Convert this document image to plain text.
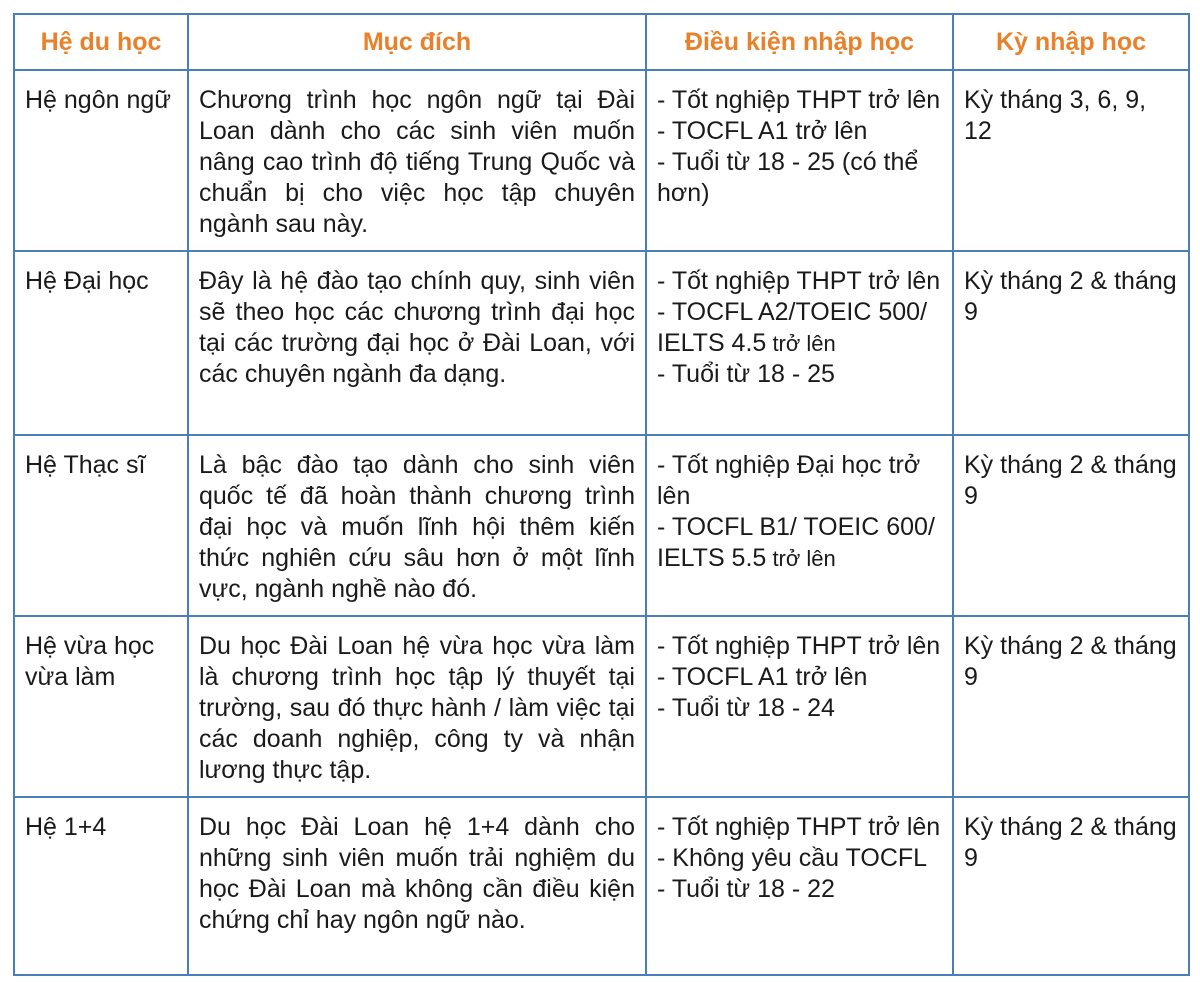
Hệ du học	Mục đích	Điều kiện nhập học	Kỳ nhập học
Hệ ngôn ngữ	Chương trình học ngôn ngữ tại Đài Loan dành cho các sinh viên muốn nâng cao trình độ tiếng Trung Quốc và chuẩn bị cho việc học tập chuyên ngành sau này.	- Tốt nghiệp THPT trở lên
- TOCFL A1 trở lên
- Tuổi từ 18 - 25 (có thể hơn)	Kỳ tháng 3, 6, 9, 12
Hệ Đại học	Đây là hệ đào tạo chính quy, sinh viên sẽ theo học các chương trình đại học tại các trường đại học ở Đài Loan, với các chuyên ngành đa dạng.	- Tốt nghiệp THPT trở lên
- TOCFL A2/TOEIC 500/ IELTS 4.5 trở lên
- Tuổi từ 18 - 25	Kỳ tháng 2 & tháng 9
Hệ Thạc sĩ	Là bậc đào tạo dành cho sinh viên quốc tế đã hoàn thành chương trình đại học và muốn lĩnh hội thêm kiến thức nghiên cứu sâu hơn ở một lĩnh vực, ngành nghề nào đó.	- Tốt nghiệp Đại học trở lên
- TOCFL B1/ TOEIC 600/ IELTS 5.5 trở lên	Kỳ tháng 2 & tháng 9
Hệ vừa học vừa làm	Du học Đài Loan hệ vừa học vừa làm là chương trình học tập lý thuyết tại trường, sau đó thực hành / làm việc tại các doanh nghiệp, công ty và nhận lương thực tập.	- Tốt nghiệp THPT trở lên
- TOCFL A1 trở lên
- Tuổi từ 18 - 24	Kỳ tháng 2 & tháng 9
Hệ 1+4	Du học Đài Loan hệ 1+4 dành cho những sinh viên muốn trải nghiệm du học Đài Loan mà không cần điều kiện chứng chỉ hay ngôn ngữ nào.	- Tốt nghiệp THPT trở lên
- Không yêu cầu TOCFL
- Tuổi từ 18 - 22	Kỳ tháng 2 & tháng 9
